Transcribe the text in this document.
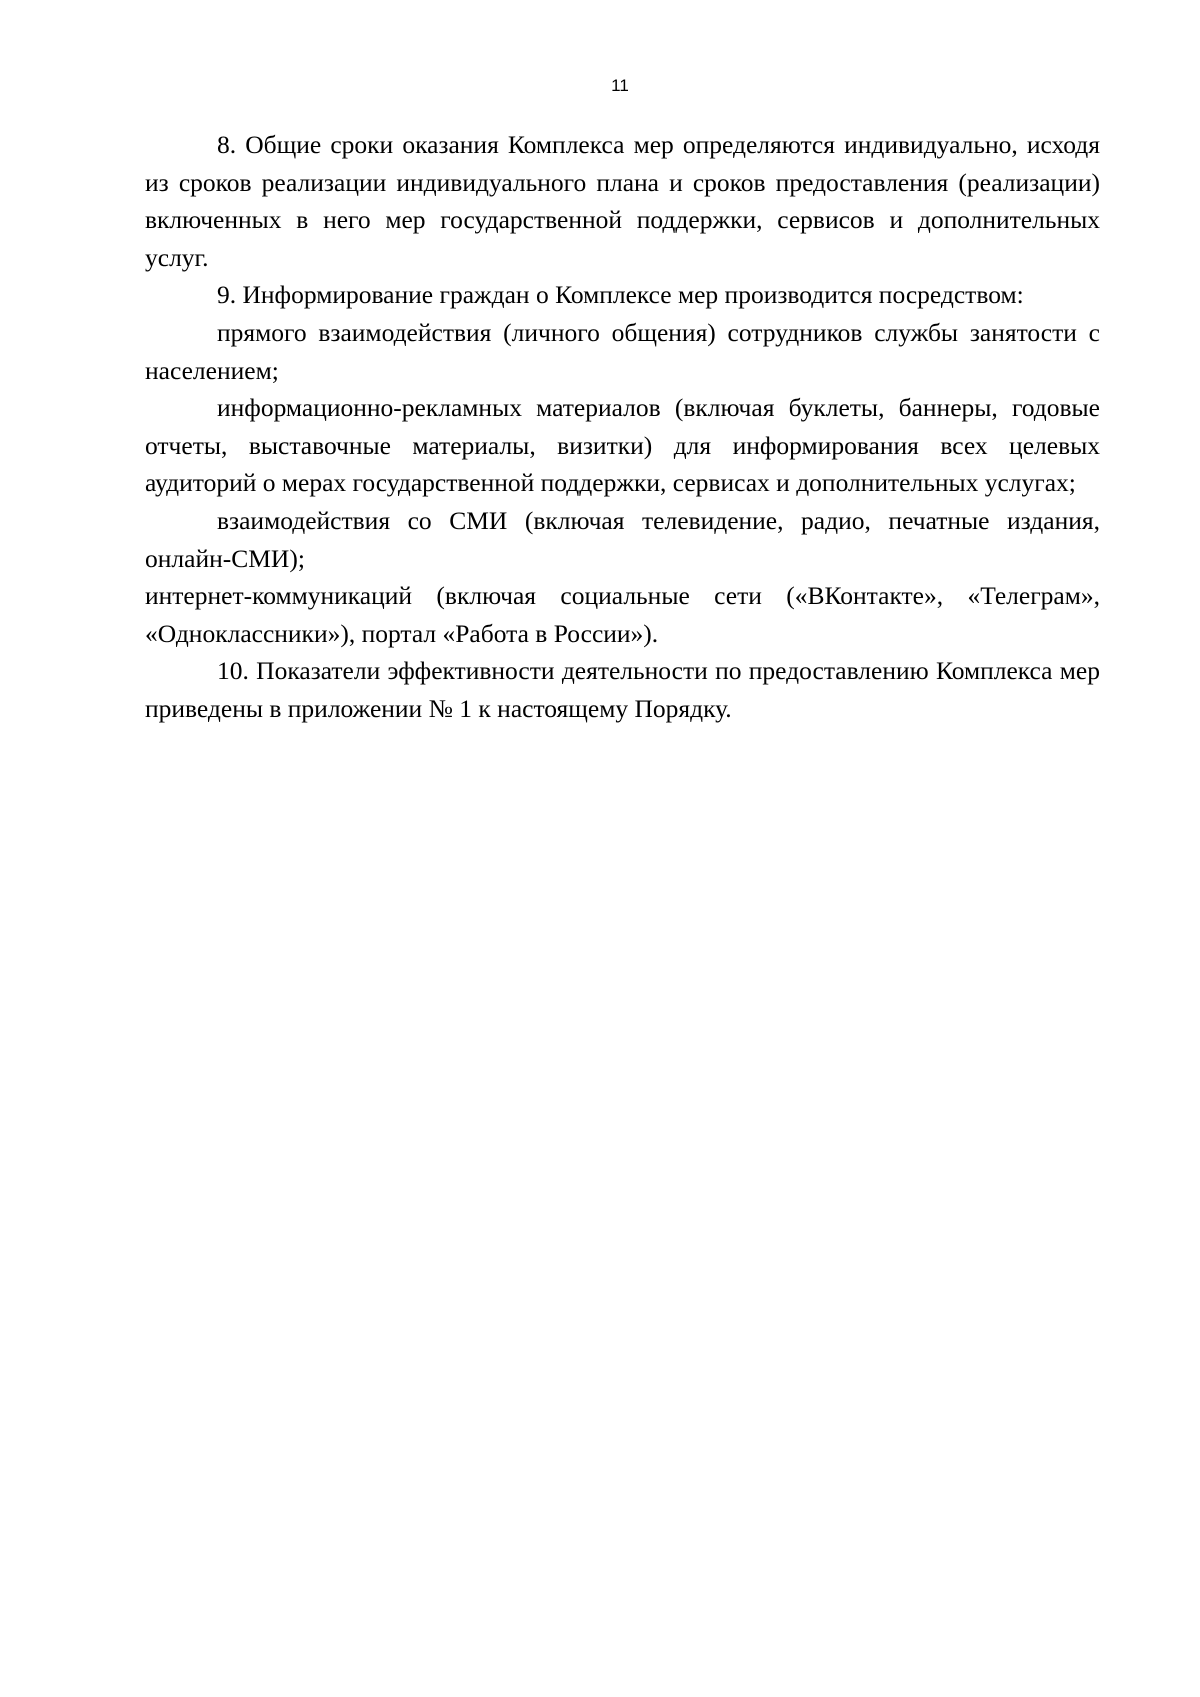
11

8. Общие сроки оказания Комплекса мер определяются индивидуально, исходя из сроков реализации индивидуального плана и сроков предоставления (реализации) включенных в него мер государственной поддержки, сервисов и дополнительных услуг.

9. Информирование граждан о Комплексе мер производится посредством:

прямого взаимодействия (личного общения) сотрудников службы занятости с населением;

информационно-рекламных материалов (включая буклеты, баннеры, годовые отчеты, выставочные материалы, визитки) для информирования всех целевых аудиторий о мерах государственной поддержки, сервисах и дополнительных услугах;

взаимодействия со СМИ (включая телевидение, радио, печатные издания, онлайн-СМИ);

интернет-коммуникаций (включая социальные сети («ВКонтакте», «Телеграм», «Одноклассники»), портал «Работа в России»).

10. Показатели эффективности деятельности по предоставлению Комплекса мер приведены в приложении № 1 к настоящему Порядку.
